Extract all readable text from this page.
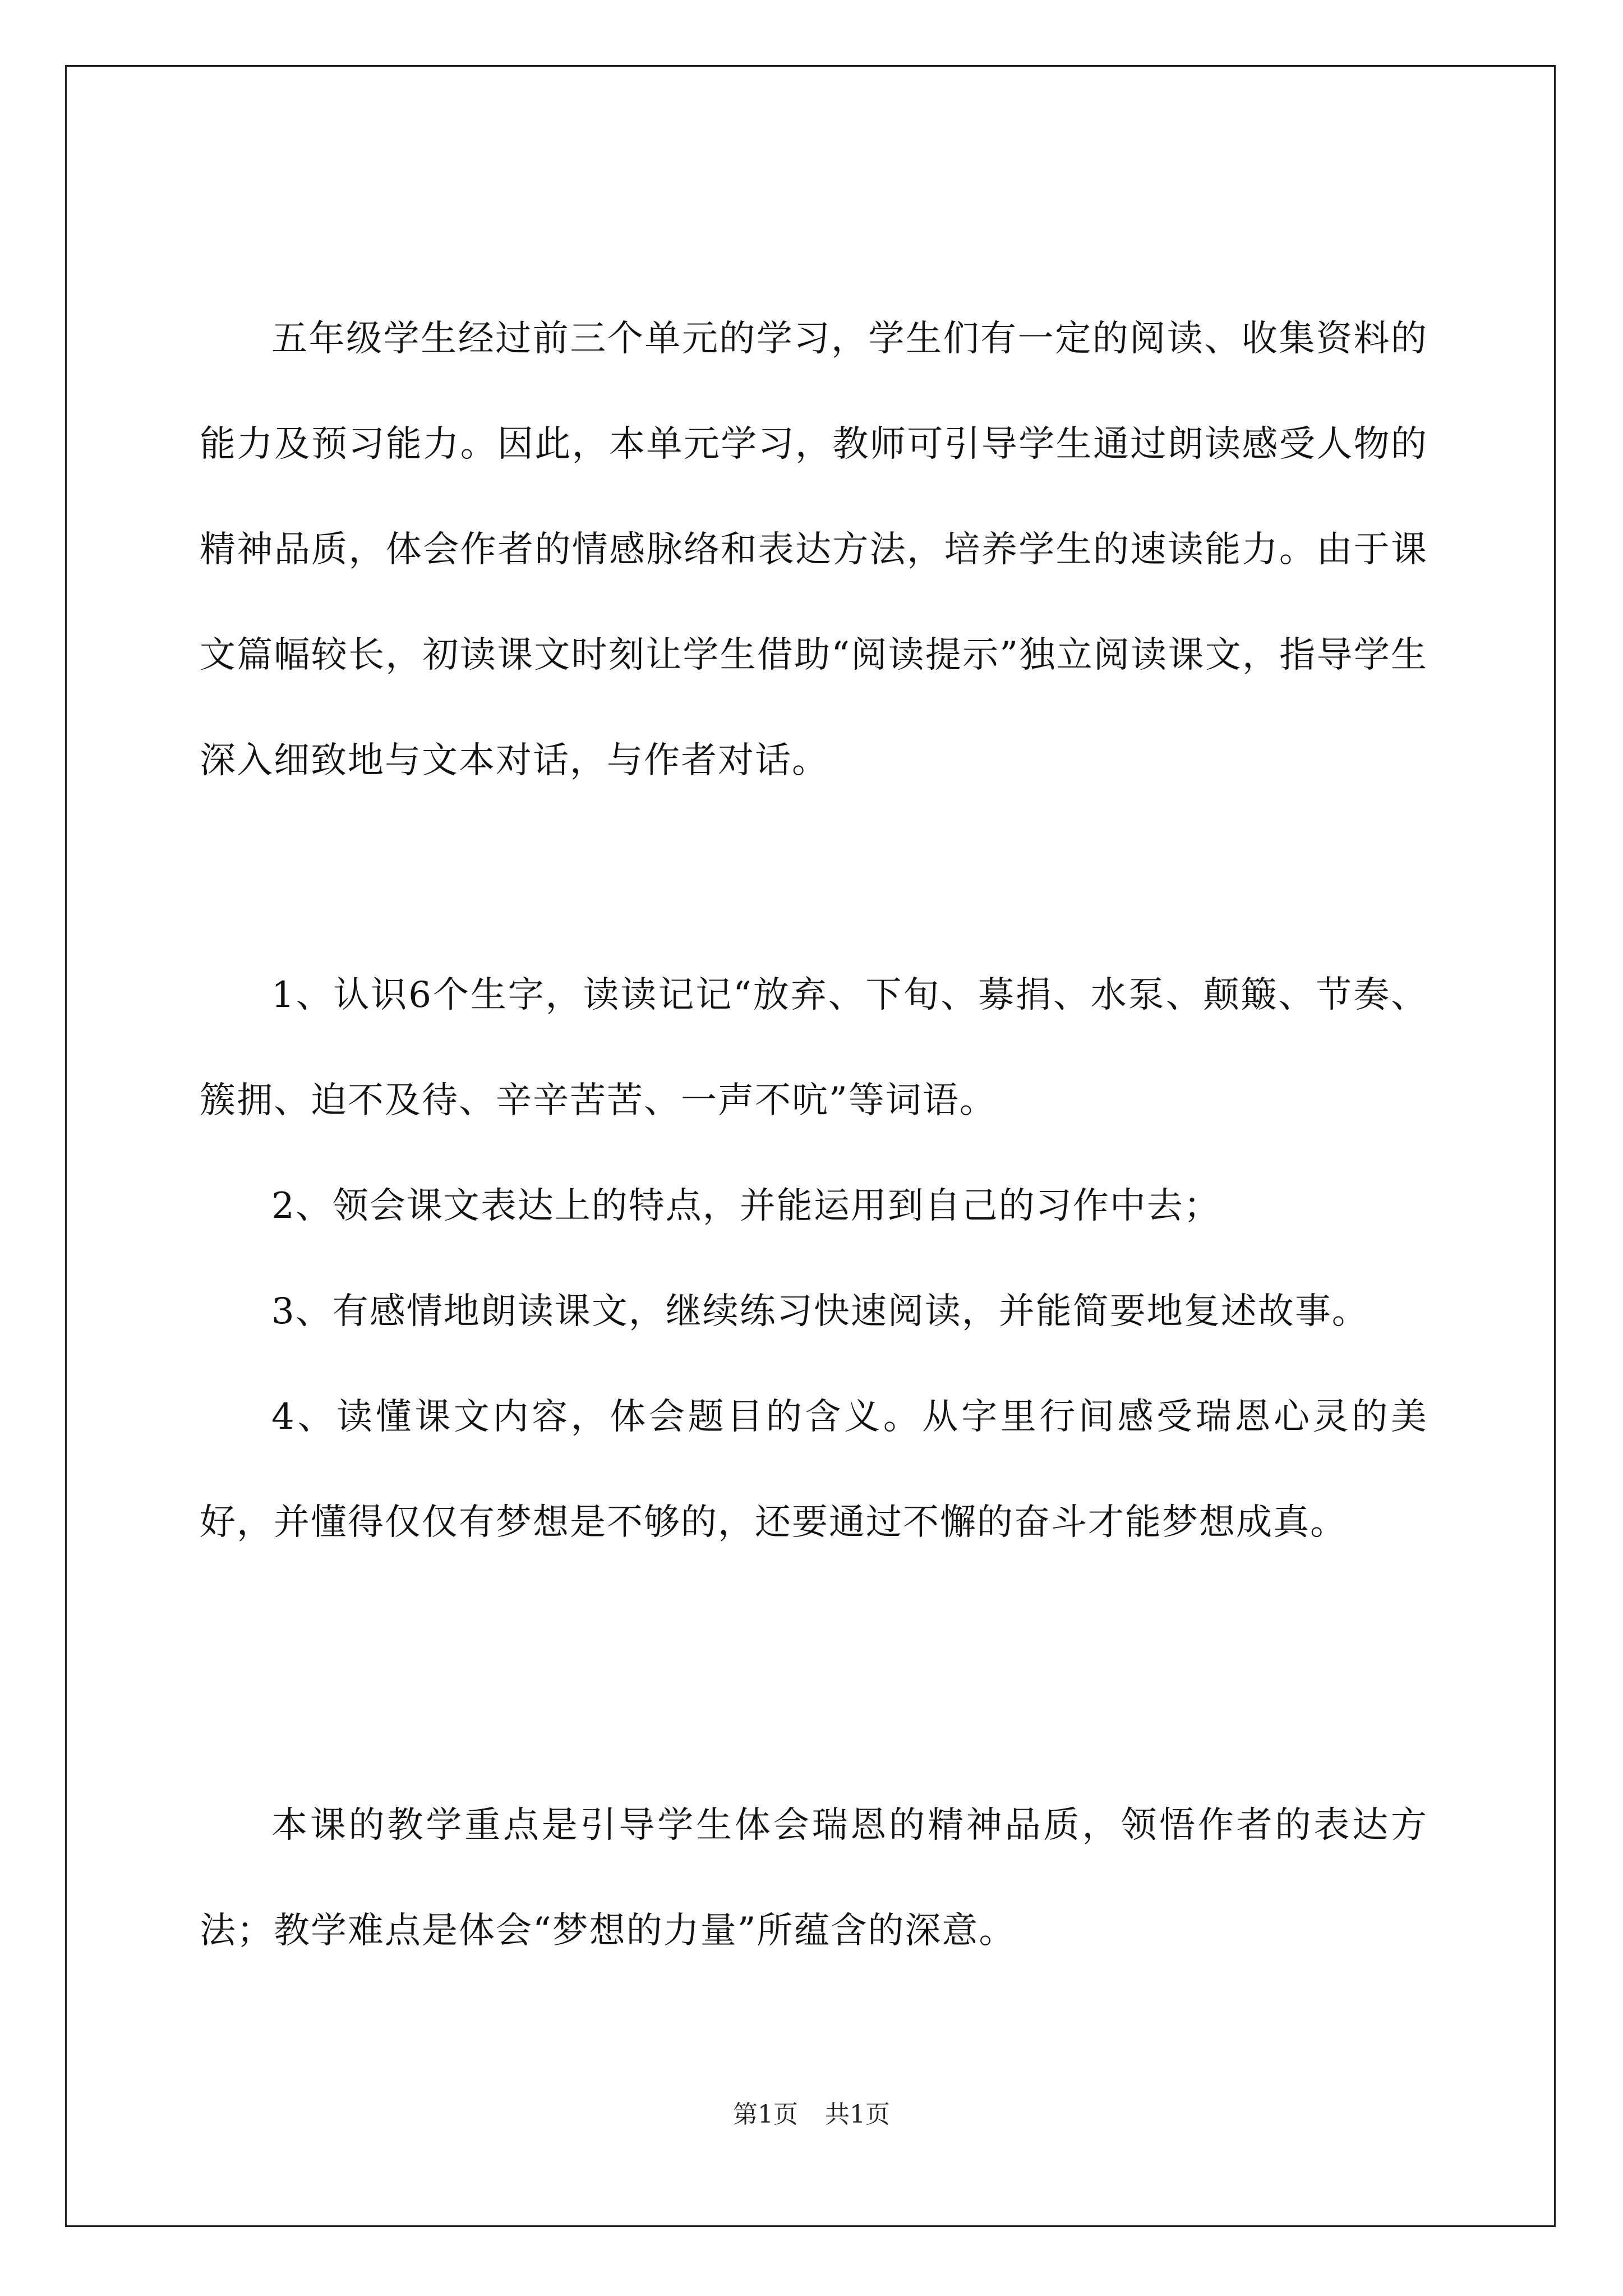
五年级学生经过前三个单元的学习，学生们有一定的阅读、收集资料的能力及预习能力。因此，本单元学习，教师可引导学生通过朗读感受人物的精神品质，体会作者的情感脉络和表达方法，培养学生的速读能力。由于课文篇幅较长，初读课文时刻让学生借助“阅读提示”独立阅读课文，指导学生深入细致地与文本对话，与作者对话。

1、认识6个生字，读读记记“放弃、下旬、募捐、水泵、颠簸、节奏、簇拥、迫不及待、辛辛苦苦、一声不吭”等词语。

2、领会课文表达上的特点，并能运用到自己的习作中去；

3、有感情地朗读课文，继续练习快速阅读，并能简要地复述故事。

4、读懂课文内容，体会题目的含义。从字里行间感受瑞恩心灵的美好，并懂得仅仅有梦想是不够的，还要通过不懈的奋斗才能梦想成真。

本课的教学重点是引导学生体会瑞恩的精神品质，领悟作者的表达方法；教学难点是体会“梦想的力量”所蕴含的深意。

第1页 共1页
